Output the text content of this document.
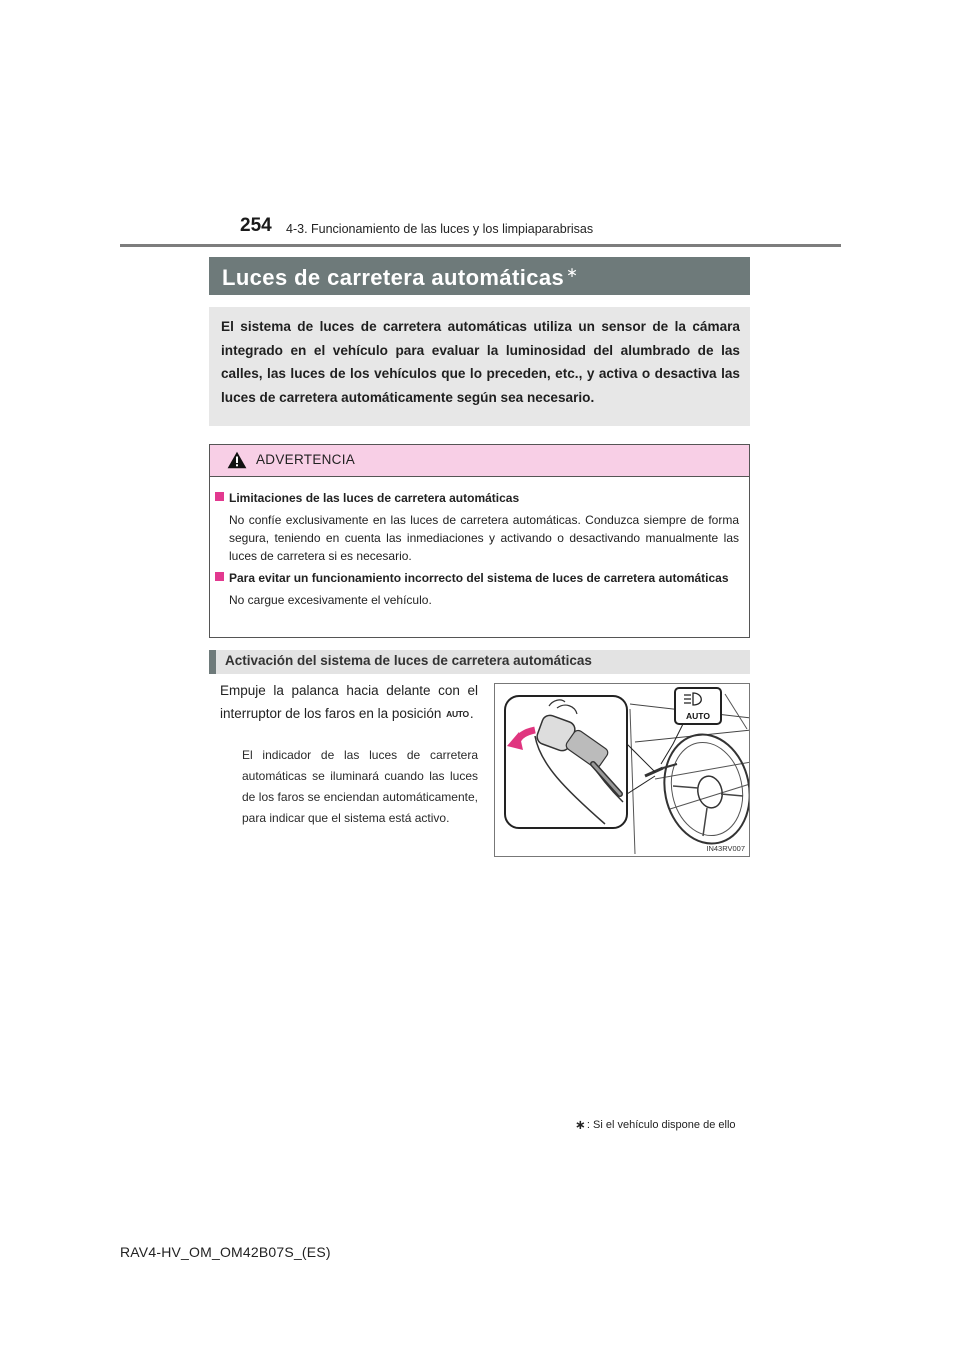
254 4-3. Funcionamiento de las luces y los limpiaparabrisas
Luces de carretera automáticas ∗
El sistema de luces de carretera automáticas utiliza un sensor de la cámara integrado en el vehículo para evaluar la luminosidad del alumbrado de las calles, las luces de los vehículos que lo preceden, etc., y activa o desactiva las luces de carretera automáticamente según sea necesario.
ADVERTENCIA
Limitaciones de las luces de carretera automáticas
No confíe exclusivamente en las luces de carretera automáticas. Conduzca siempre de forma segura, teniendo en cuenta las inmediaciones y activando o desactivando manualmente las luces de carretera si es necesario.
Para evitar un funcionamiento incorrecto del sistema de luces de carretera automáticas
No cargue excesivamente el vehículo.
Activación del sistema de luces de carretera automáticas
Empuje la palanca hacia delante con el interruptor de los faros en la posición AUTO.
El indicador de las luces de carretera automáticas se iluminará cuando las luces de los faros se enciendan automáticamente, para indicar que el sistema está activo.
AUTO
IN43RV007
∗: Si el vehículo dispone de ello
RAV4-HV_OM_OM42B07S_(ES)
